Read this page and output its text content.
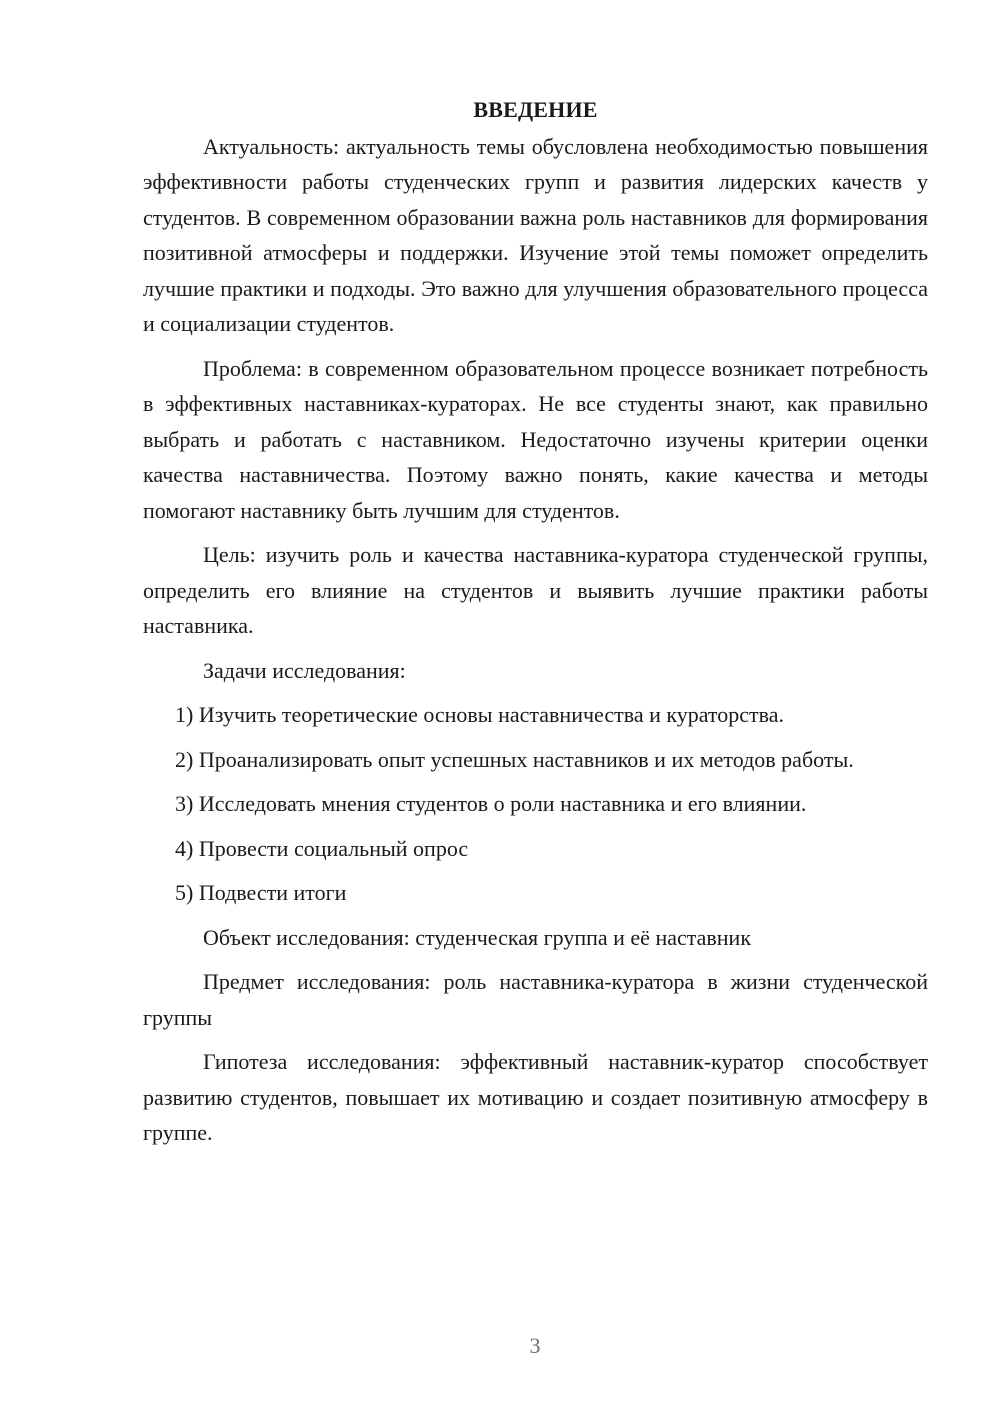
ВВЕДЕНИЕ

Актуальность: актуальность темы обусловлена необходимостью повышения эффективности работы студенческих групп и развития лидерских качеств у студентов. В современном образовании важна роль наставников для формирования позитивной атмосферы и поддержки. Изучение этой темы поможет определить лучшие практики и подходы. Это важно для улучшения образовательного процесса и социализации студентов.

Проблема: в современном образовательном процессе возникает потребность в эффективных наставниках-кураторах. Не все студенты знают, как правильно выбрать и работать с наставником. Недостаточно изучены критерии оценки качества наставничества. Поэтому важно понять, какие качества и методы помогают наставнику быть лучшим для студентов.

Цель: изучить роль и качества наставника-куратора студенческой группы, определить его влияние на студентов и выявить лучшие практики работы наставника.

Задачи исследования:

1) Изучить теоретические основы наставничества и кураторства.

2) Проанализировать опыт успешных наставников и их методов работы.

3) Исследовать мнения студентов о роли наставника и его влиянии.

4) Провести социальный опрос

5) Подвести итоги

Объект исследования: студенческая группа и её наставник

Предмет исследования: роль наставника-куратора в жизни студенческой группы

Гипотеза исследования: эффективный наставник-куратор способствует развитию студентов, повышает их мотивацию и создает позитивную атмосферу в группе.

3
